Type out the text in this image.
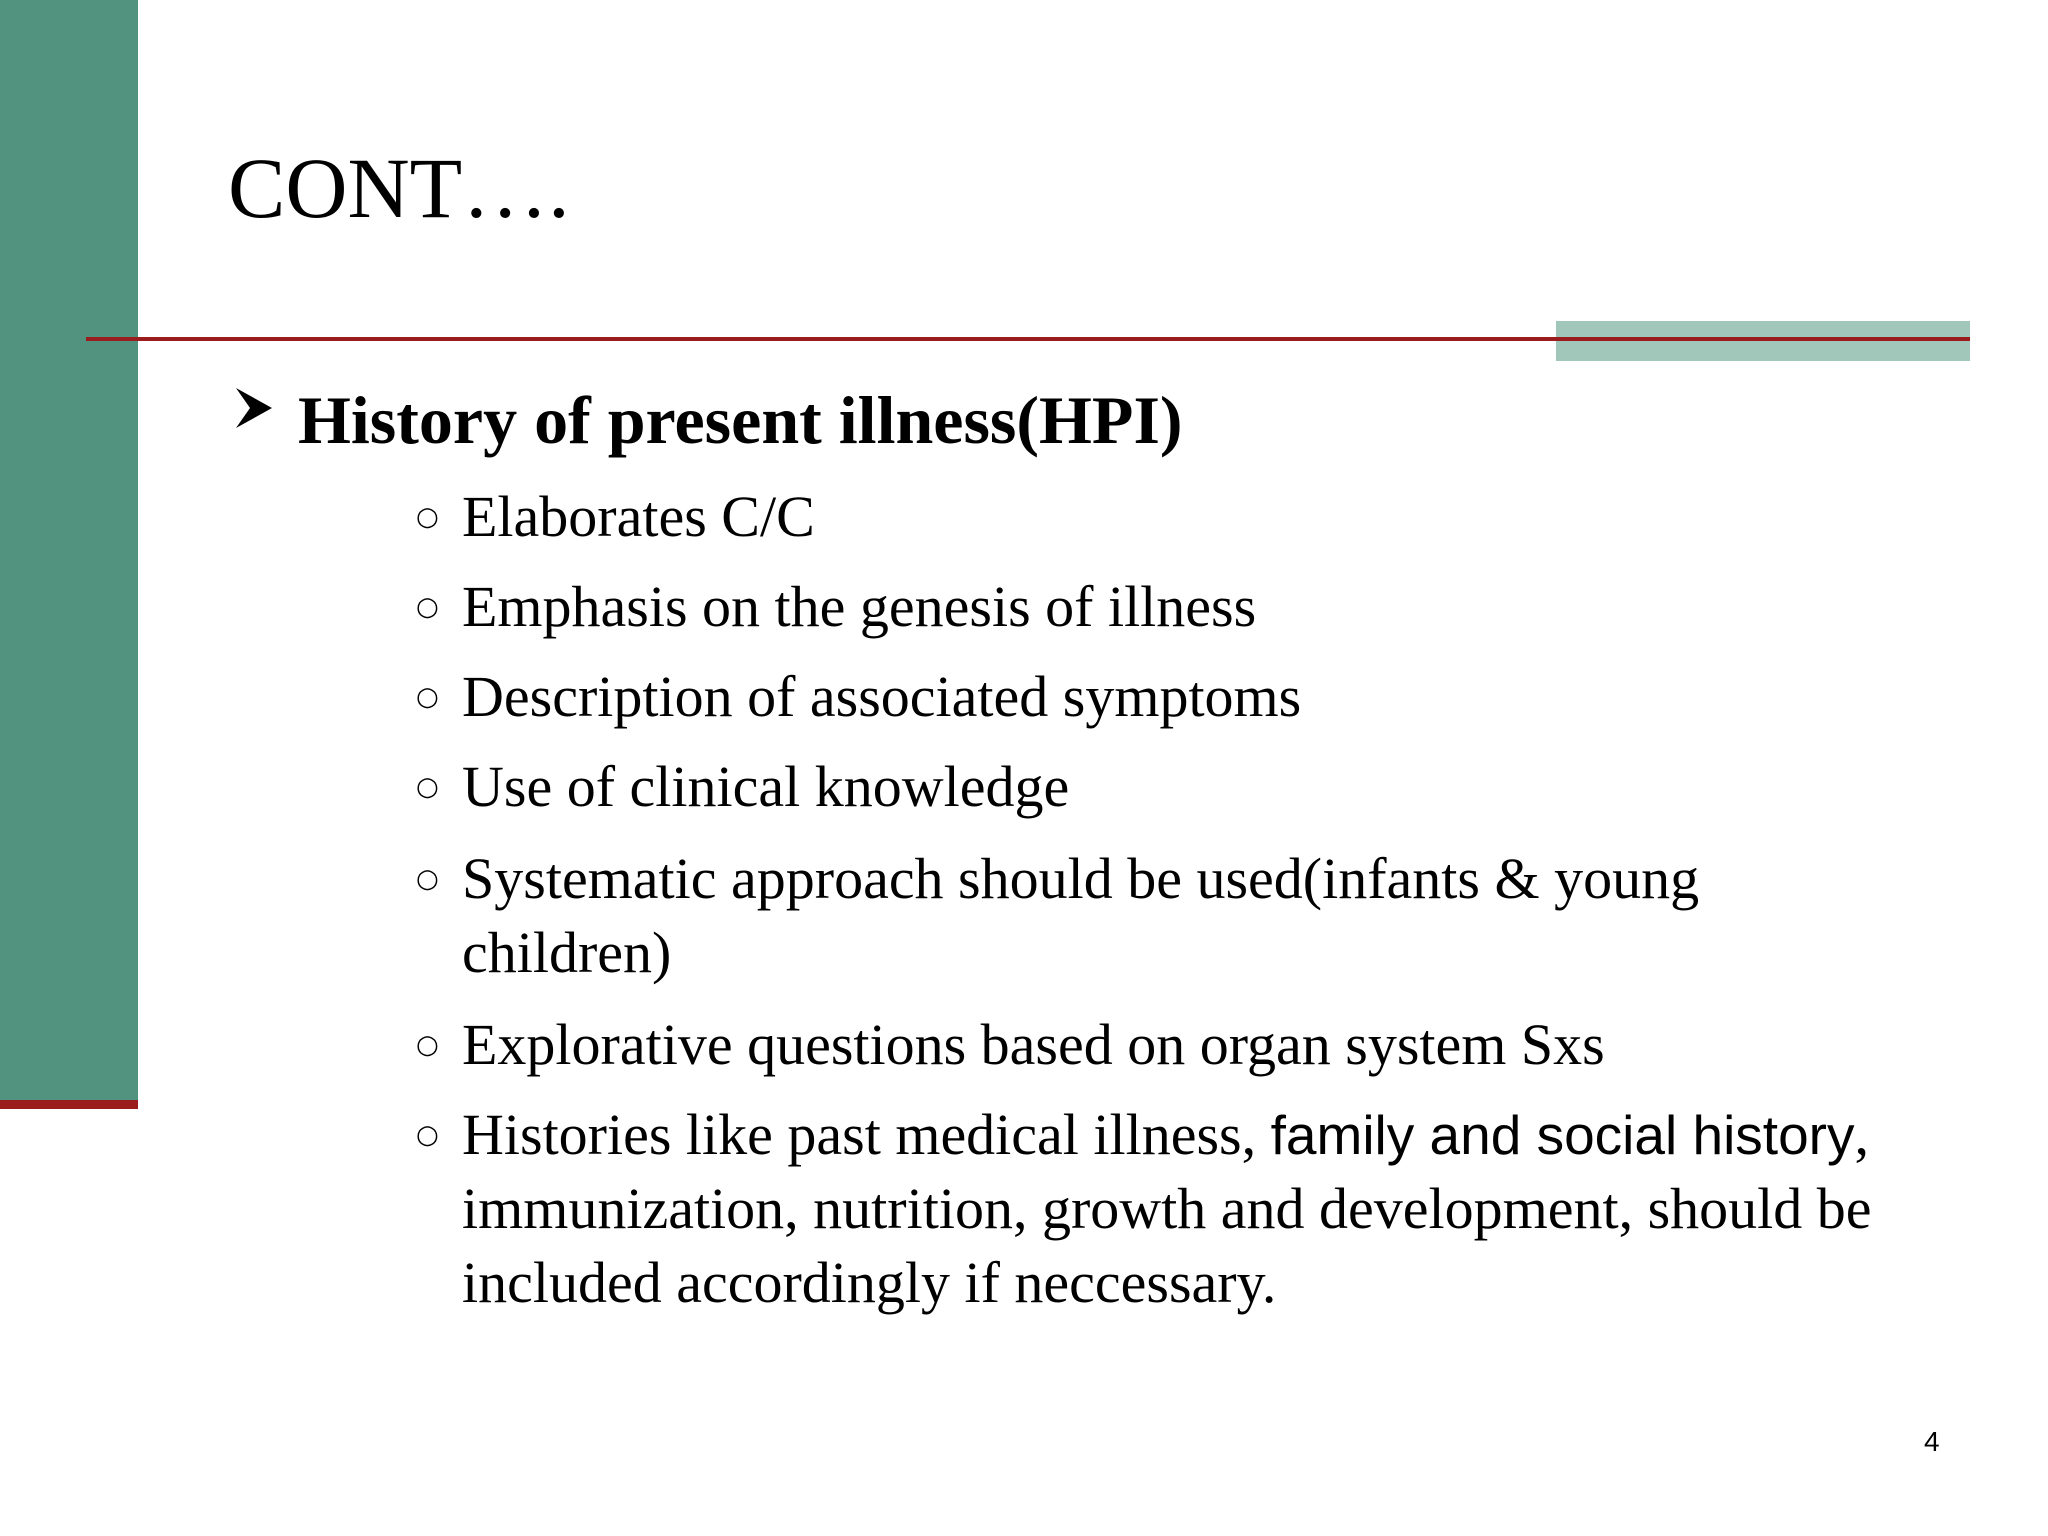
CONT….
History of present illness(HPI)
○ Elaborates C/C
○ Emphasis on the genesis of illness
○ Description of associated symptoms
○ Use of clinical knowledge
○ Systematic approach should be used(infants & young children)
○ Explorative questions based on organ system Sxs
○ Histories like past medical illness, family and social history, immunization, nutrition, growth and development, should be included accordingly if neccessary.
4
